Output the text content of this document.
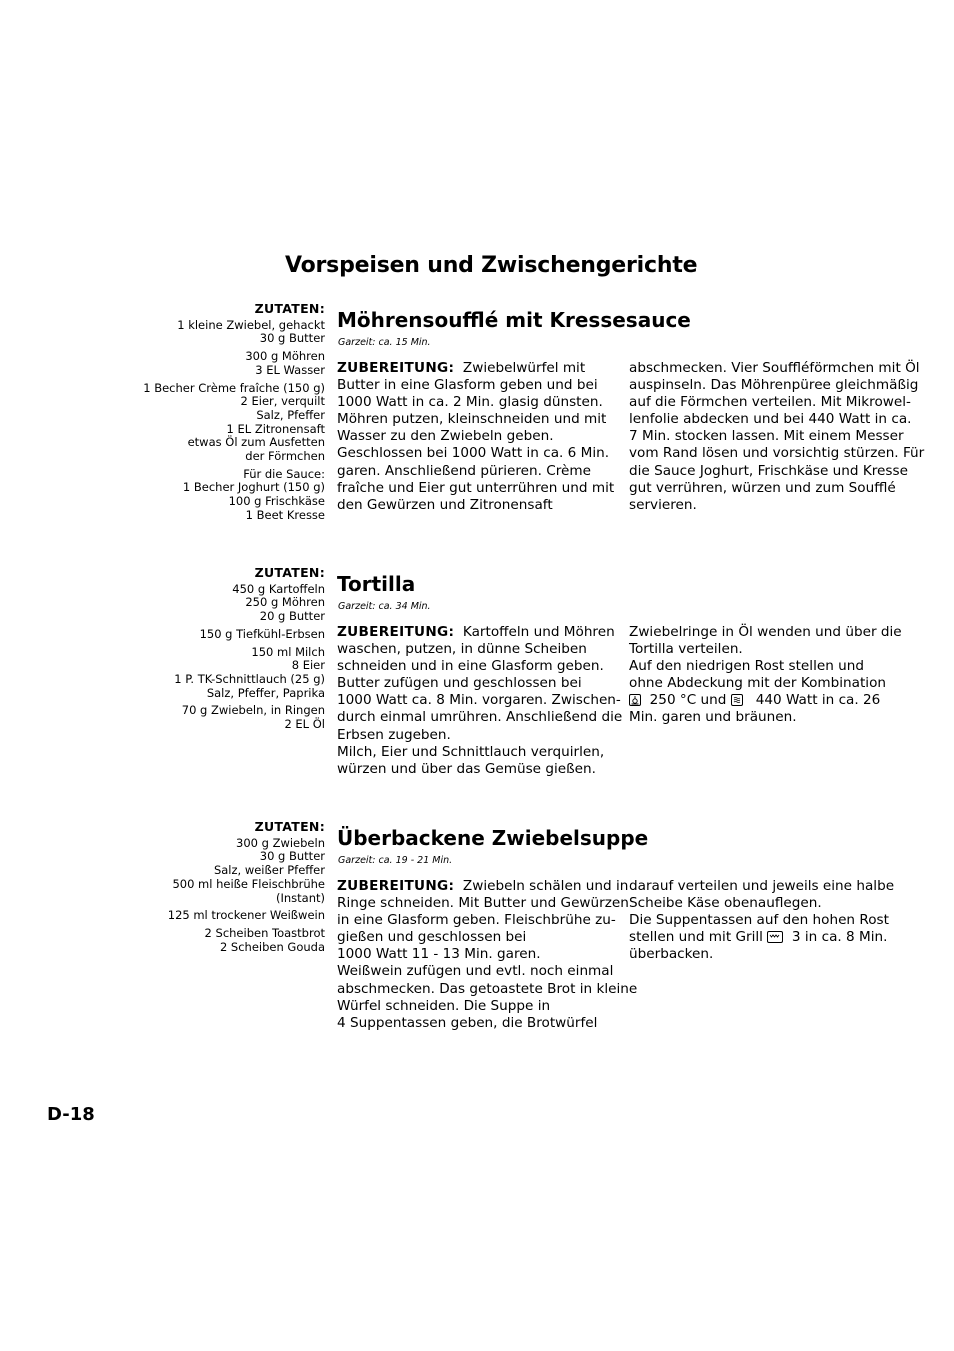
Vorspeisen und Zwischengerichte
ZUTATEN:
1 kleine Zwiebel, gehackt
30 g Butter
300 g Möhren
3 EL Wasser
1 Becher Crème fraîche (150 g)
2 Eier, verquilt
Salz, Pfeffer
1 EL Zitronensaft
etwas Öl zum Ausfetten
der Förmchen
Für die Sauce:
1 Becher Joghurt (150 g)
100 g Frischkäse
1 Beet Kresse
Möhrensoufflé mit Kressesauce
Garzeit: ca. 15 Min.
ZUBEREITUNG: Zwiebelwürfel mit
Butter in eine Glasform geben und bei
1000 Watt in ca. 2 Min. glasig dünsten.
Möhren putzen, kleinschneiden und mit
Wasser zu den Zwiebeln geben.
Geschlossen bei 1000 Watt in ca. 6 Min.
garen. Anschließend pürieren. Crème
fraîche und Eier gut unterrühren und mit
den Gewürzen und Zitronensaft
abschmecken. Vier Souffléförmchen mit Öl
auspinseln. Das Möhrenpüree gleichmäßig
auf die Förmchen verteilen. Mit Mikrowel-
lenfolie abdecken und bei 440 Watt in ca.
7 Min. stocken lassen. Mit einem Messer
vom Rand lösen und vorsichtig stürzen. Für
die Sauce Joghurt, Frischkäse und Kresse
gut verrühren, würzen und zum Soufflé
servieren.
ZUTATEN:
450 g Kartoffeln
250 g Möhren
20 g Butter
150 g Tiefkühl-Erbsen
150 ml Milch
8 Eier
1 P. TK-Schnittlauch (25 g)
Salz, Pfeffer, Paprika
70 g Zwiebeln, in Ringen
2 EL Öl
Tortilla
Garzeit: ca. 34 Min.
ZUBEREITUNG: Kartoffeln und Möhren
waschen, putzen, in dünne Scheiben
schneiden und in eine Glasform geben.
Butter zufügen und geschlossen bei
1000 Watt ca. 8 Min. vorgaren. Zwischen-
durch einmal umrühren. Anschließend die
Erbsen zugeben.
Milch, Eier und Schnittlauch verquirlen,
würzen und über das Gemüse gießen.
Zwiebelringe in Öl wenden und über die
Tortilla verteilen.
Auf den niedrigen Rost stellen und
ohne Abdeckung mit der Kombination
250 °C und 440 Watt in ca. 26
Min. garen und bräunen.
ZUTATEN:
300 g Zwiebeln
30 g Butter
Salz, weißer Pfeffer
500 ml heiße Fleischbrühe
(Instant)
125 ml trockener Weißwein
2 Scheiben Toastbrot
2 Scheiben Gouda
Überbackene Zwiebelsuppe
Garzeit: ca. 19 - 21 Min.
ZUBEREITUNG: Zwiebeln schälen und in
Ringe schneiden. Mit Butter und Gewürzen
in eine Glasform geben. Fleischbrühe zu-
gießen und geschlossen bei
1000 Watt 11 - 13 Min. garen.
Weißwein zufügen und evtl. noch einmal
abschmecken. Das getoastete Brot in kleine
Würfel schneiden. Die Suppe in
4 Suppentassen geben, die Brotwürfel
darauf verteilen und jeweils eine halbe
Scheibe Käse obenauflegen.
Die Suppentassen auf den hohen Rost
stellen und mit Grill 3 in ca. 8 Min.
überbacken.
D-18
